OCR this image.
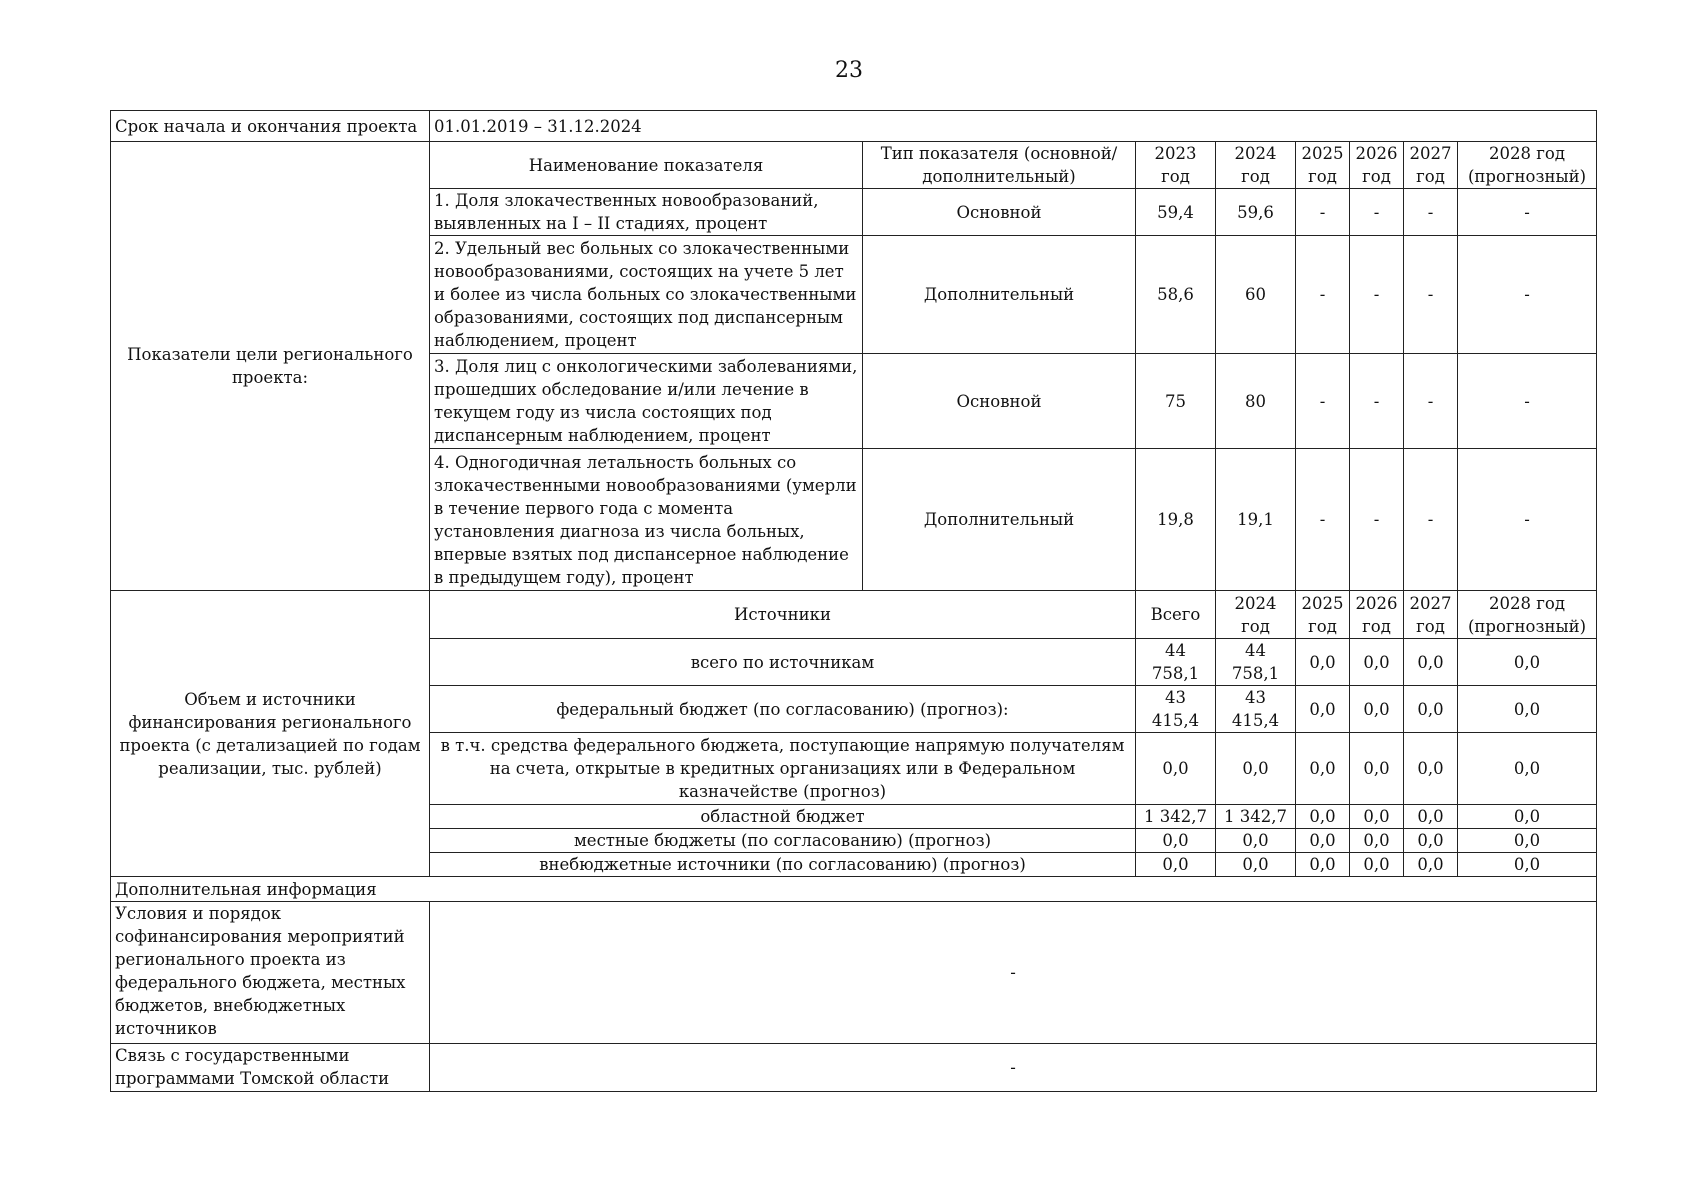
23
Срок начала и окончания проекта	01.01.2019 – 31.12.2024							
Показатели цели регионального проекта:	Наименование показателя	Тип показателя (основной/дополнительный)	2023 год	2024 год	2025 год	2026 год	2027 год	2028 год (прогнозный)
	1. Доля злокачественных новообразований, выявленных на I – II стадиях, процент	Основной	59,4	59,6	-	-	-	-
	2. Удельный вес больных со злокачественными новообразованиями, состоящих на учете 5 лет и более из числа больных со злокачественными образованиями, состоящих под диспансерным наблюдением, процент	Дополнительный	58,6	60	-	-	-	-
	3. Доля лиц с онкологическими заболеваниями, прошедших обследование и/или лечение в текущем году из числа состоящих под диспансерным наблюдением, процент	Основной	75	80	-	-	-	-
	4. Одногодичная летальность больных со злокачественными новообразованиями (умерли в течение первого года с момента установления диагноза из числа больных, впервые взятых под диспансерное наблюдение в предыдущем году), процент	Дополнительный	19,8	19,1	-	-	-	-
Объем и источники финансирования регионального проекта (с детализацией по годам реализации, тыс. рублей)	Источники		Всего	2024 год	2025 год	2026 год	2027 год	2028 год (прогнозный)
	всего по источникам		44 758,1	44 758,1	0,0	0,0	0,0	0,0
	федеральный бюджет (по согласованию) (прогноз):		43 415,4	43 415,4	0,0	0,0	0,0	0,0
	в т.ч. средства федерального бюджета, поступающие напрямую получателям на счета, открытые в кредитных организациях или в Федеральном казначействе (прогноз)		0,0	0,0	0,0	0,0	0,0	0,0
	областной бюджет		1 342,7	1 342,7	0,0	0,0	0,0	0,0
	местные бюджеты (по согласованию) (прогноз)		0,0	0,0	0,0	0,0	0,0	0,0
	внебюджетные источники (по согласованию) (прогноз)		0,0	0,0	0,0	0,0	0,0	0,0
Дополнительная информация								
Условия и порядок софинансирования мероприятий регионального проекта из федерального бюджета, местных бюджетов, внебюджетных источников	-							
Связь с государственными программами Томской области	-							
